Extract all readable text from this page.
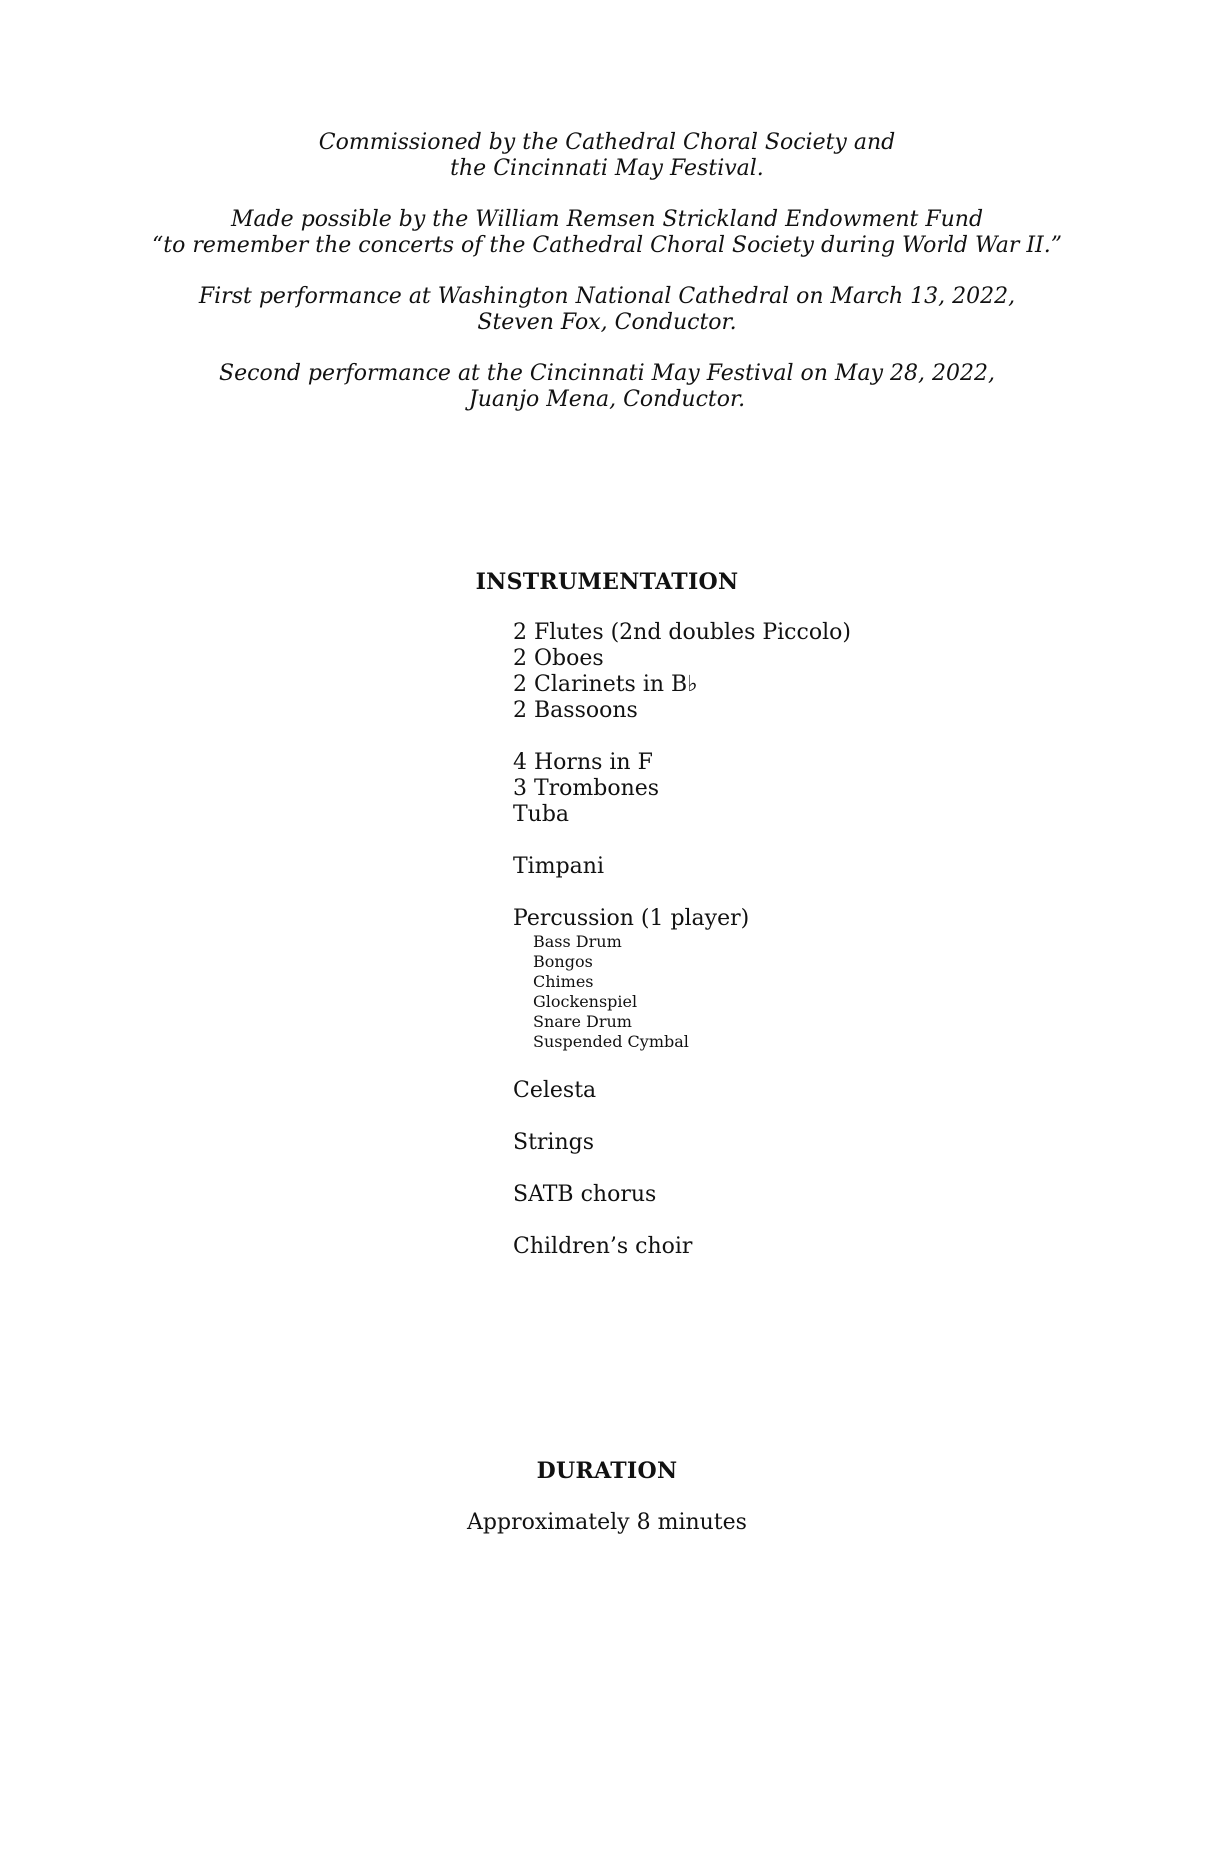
Commissioned by the Cathedral Choral Society and
the Cincinnati May Festival.
Made possible by the William Remsen Strickland Endowment Fund
“to remember the concerts of the Cathedral Choral Society during World War II.”
First performance at Washington National Cathedral on March 13, 2022,
Steven Fox, Conductor.
Second performance at the Cincinnati May Festival on May 28, 2022,
Juanjo Mena, Conductor.
INSTRUMENTATION
2 Flutes (2nd doubles Piccolo)
2 Oboes
2 Clarinets in B♭
2 Bassoons
4 Horns in F
3 Trombones
Tuba
Timpani
Percussion (1 player)
Bass Drum
Bongos
Chimes
Glockenspiel
Snare Drum
Suspended Cymbal
Celesta
Strings
SATB chorus
Children’s choir
DURATION
Approximately 8 minutes
